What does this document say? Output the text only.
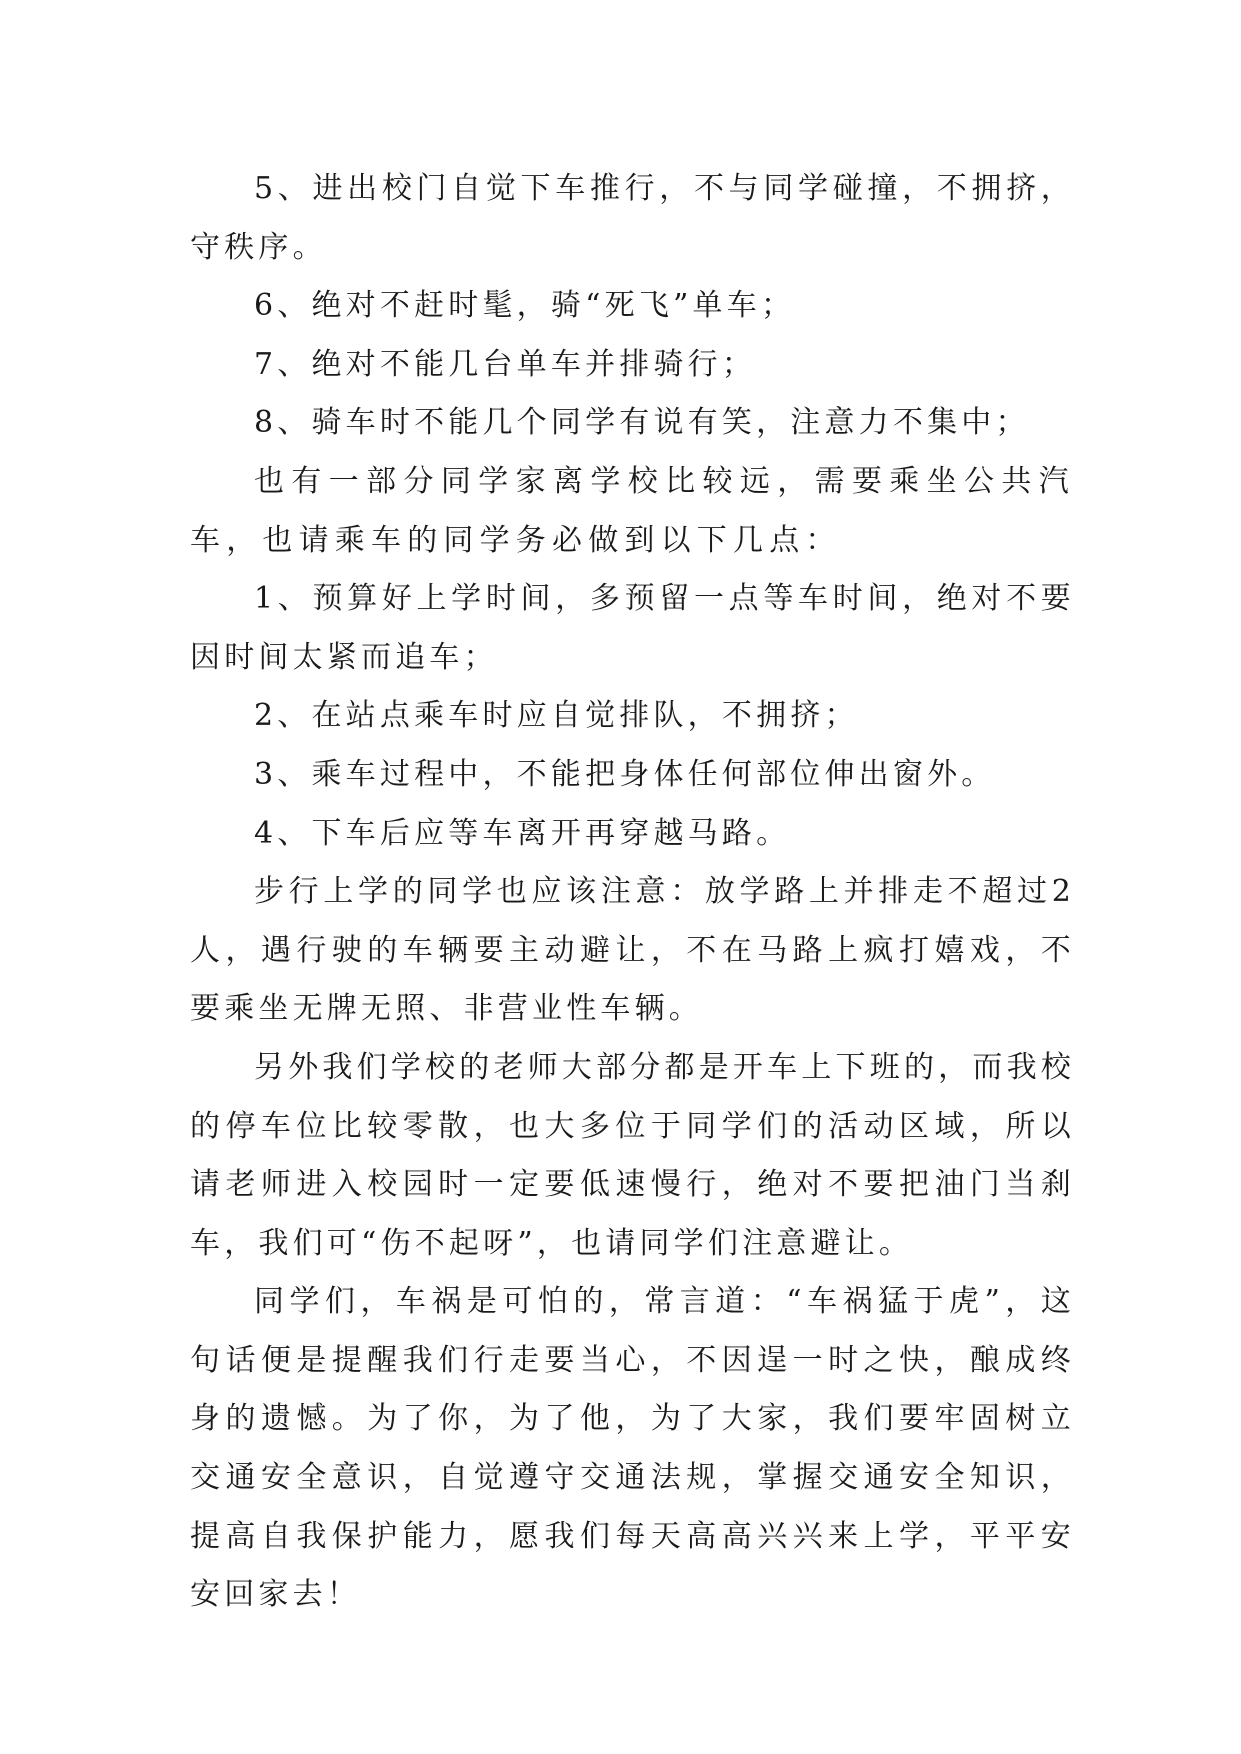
5、进出校门自觉下车推行，不与同学碰撞，不拥挤，守秩序。

6、绝对不赶时髦，骑“死飞”单车；

7、绝对不能几台单车并排骑行；

8、骑车时不能几个同学有说有笑，注意力不集中；

也有一部分同学家离学校比较远，需要乘坐公共汽车，也请乘车的同学务必做到以下几点：

1、预算好上学时间，多预留一点等车时间，绝对不要因时间太紧而追车；

2、在站点乘车时应自觉排队，不拥挤；

3、乘车过程中，不能把身体任何部位伸出窗外。

4、下车后应等车离开再穿越马路。

步行上学的同学也应该注意：放学路上并排走不超过2人，遇行驶的车辆要主动避让，不在马路上疯打嬉戏，不要乘坐无牌无照、非营业性车辆。

另外我们学校的老师大部分都是开车上下班的，而我校的停车位比较零散，也大多位于同学们的活动区域，所以请老师进入校园时一定要低速慢行，绝对不要把油门当刹车，我们可“伤不起呀”，也请同学们注意避让。

同学们，车祸是可怕的，常言道：“车祸猛于虎”，这句话便是提醒我们行走要当心，不因逞一时之快，酿成终身的遗憾。为了你，为了他，为了大家，我们要牢固树立交通安全意识，自觉遵守交通法规，掌握交通安全知识，提高自我保护能力，愿我们每天高高兴兴来上学，平平安安回家去！
